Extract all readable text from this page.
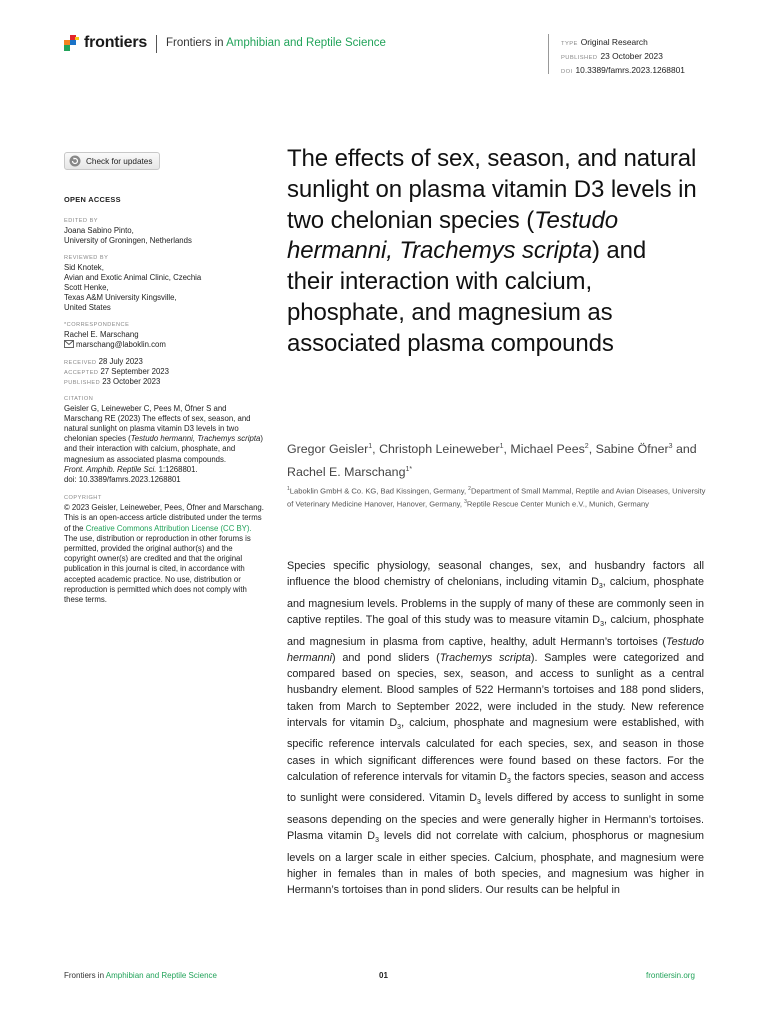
frontiers Frontiers in Amphibian and Reptile Science	TYPE Original Research
PUBLISHED 23 October 2023
DOI 10.3389/famrs.2023.1268801
Check for updates
OPEN ACCESS
EDITED BY
Joana Sabino Pinto,
University of Groningen, Netherlands
REVIEWED BY
Sid Knotek,
Avian and Exotic Animal Clinic, Czechia
Scott Henke,
Texas A&M University Kingsville,
United States
*CORRESPONDENCE
Rachel E. Marschang
marschang@laboklin.com
RECEIVED 28 July 2023
ACCEPTED 27 September 2023
PUBLISHED 23 October 2023
CITATION
Geisler G, Leineweber C, Pees M, Öfner S and Marschang RE (2023) The effects of sex, season, and natural sunlight on plasma vitamin D3 levels in two chelonian species (Testudo hermanni, Trachemys scripta) and their interaction with calcium, phosphate, and magnesium as associated plasma compounds.
Front. Amphib. Reptile Sci. 1:1268801.
doi: 10.3389/famrs.2023.1268801
COPYRIGHT
© 2023 Geisler, Leineweber, Pees, Öfner and Marschang. This is an open-access article distributed under the terms of the Creative Commons Attribution License (CC BY). The use, distribution or reproduction in other forums is permitted, provided the original author(s) and the copyright owner(s) are credited and that the original publication in this journal is cited, in accordance with accepted academic practice. No use, distribution or reproduction is permitted which does not comply with these terms.
The effects of sex, season, and natural sunlight on plasma vitamin D3 levels in two chelonian species (Testudo hermanni, Trachemys scripta) and their interaction with calcium, phosphate, and magnesium as associated plasma compounds
Gregor Geisler$^1$, Christoph Leineweber$^1$, Michael Pees$^2$, Sabine Öfner$^3$ and Rachel E. Marschang$^{1*}$
$^1$Laboklin GmbH & Co. KG, Bad Kissingen, Germany, $^2$Department of Small Mammal, Reptile and Avian Diseases, University of Veterinary Medicine Hanover, Hanover, Germany, $^3$Reptile Rescue Center Munich e.V., Munich, Germany
Species specific physiology, seasonal changes, sex, and husbandry factors all influence the blood chemistry of chelonians, including vitamin $D_3$, calcium, phosphate and magnesium levels. Problems in the supply of many of these are commonly seen in captive reptiles. The goal of this study was to measure vitamin $D_3$, calcium, phosphate and magnesium in plasma from captive, healthy, adult Hermann’s tortoises (Testudo hermanni) and pond sliders (Trachemys scripta). Samples were categorized and compared based on species, sex, season, and access to sunlight as a central husbandry element. Blood samples of 522 Hermann’s tortoises and 188 pond sliders, taken from March to September 2022, were included in the study. New reference intervals for vitamin $D_3$, calcium, phosphate and magnesium were established, with specific reference intervals calculated for each species, sex, and season in those cases in which significant differences were found based on these factors. For the calculation of reference intervals for vitamin $D_3$ the factors species, season and access to sunlight were considered. Vitamin $D_3$ levels differed by access to sunlight in some seasons depending on the species and were generally higher in Hermann’s tortoises. Plasma vitamin $D_3$ levels did not correlate with calcium, phosphorus or magnesium levels on a larger scale in either species. Calcium, phosphate, and magnesium were higher in females than in males of both species, and magnesium was higher in Hermann’s tortoises than in pond sliders. Our results can be helpful in
Frontiers in Amphibian and Reptile Science	01	frontiersin.org
